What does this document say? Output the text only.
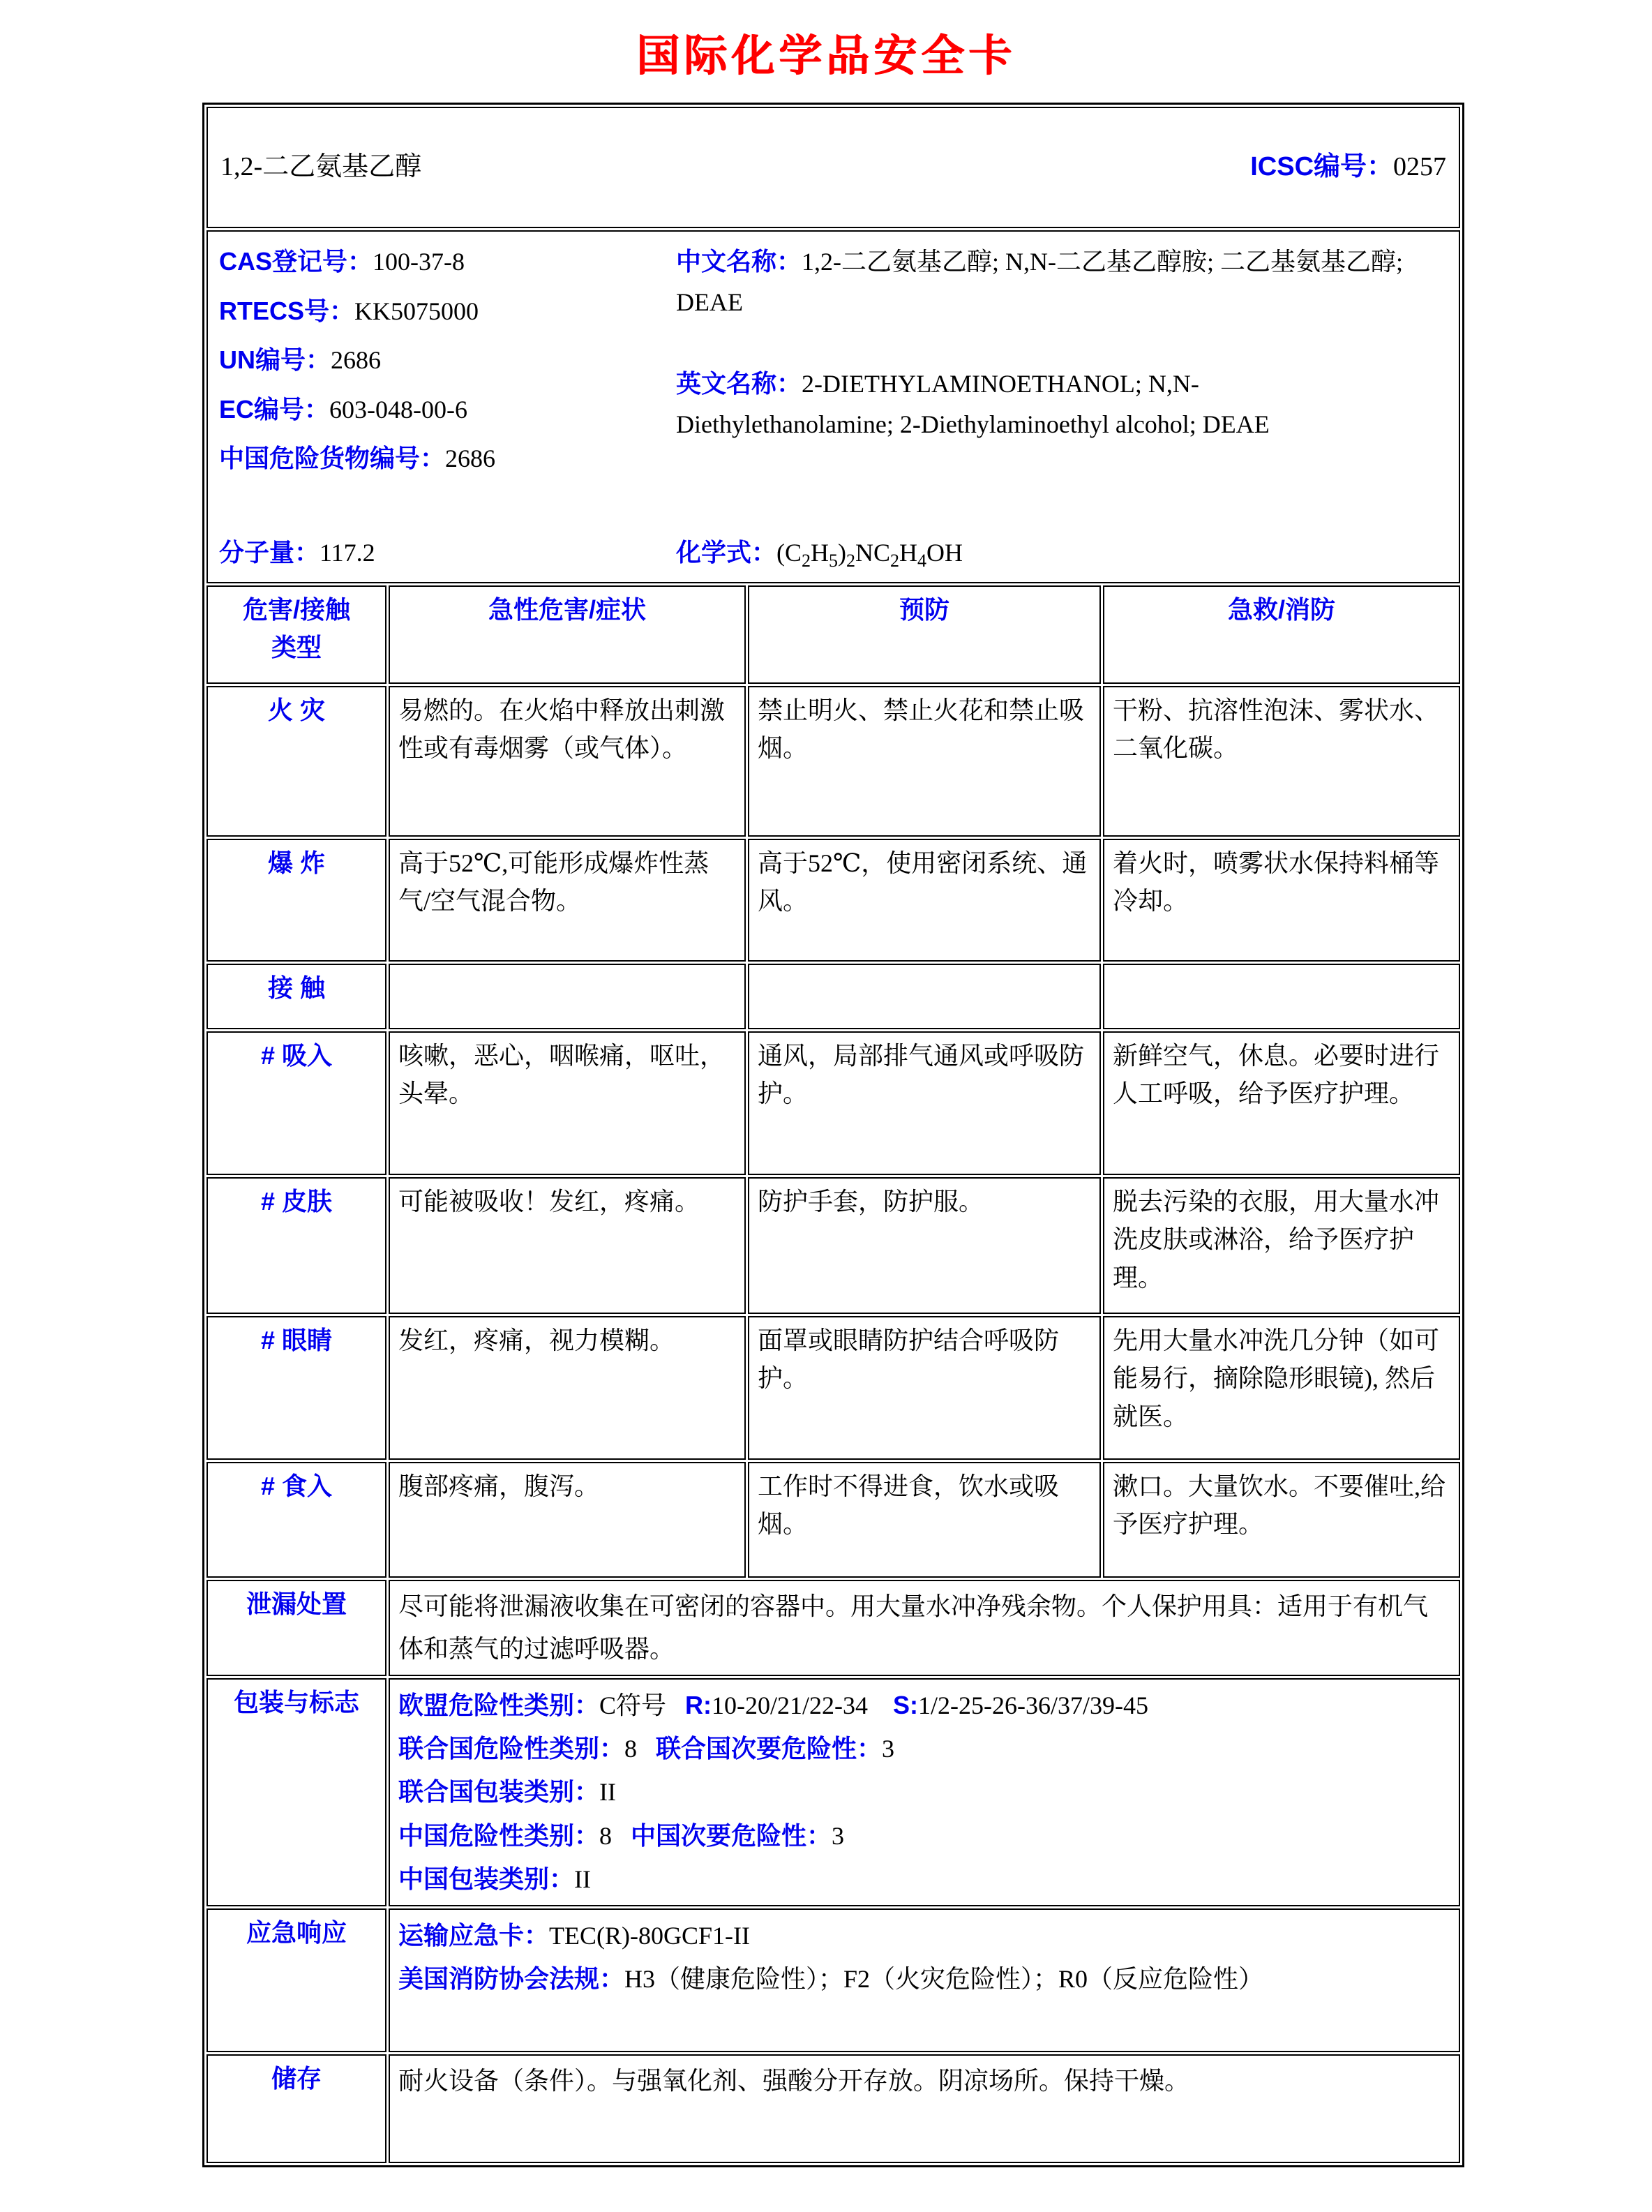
国际化学品安全卡
1,2-二乙氨基乙醇 ICSC编号：0257			

CAS登记号：100-37-8
RTECS号：KK5075000
UN编号：2686
EC编号：603-048-00-6
中国危险货物编号：2686

中文名称：1,2-二乙氨基乙醇; N,N-二乙基乙醇胺; 二乙基氨基乙醇; DEAE

英文名称：2-DIETHYLAMINOETHANOL; N,N-Diethylethanolamine; 2-Diethylaminoethyl alcohol; DEAE

分子量：117.2	化学式：$(C_2H_5)_2NC_2H_4OH$

危害/接触
类型	急性危害/症状	预防	急救/消防
火 灾	易燃的。在火焰中释放出刺激性或有毒烟雾（或气体）。	禁止明火、禁止火花和禁止吸烟。	干粉、抗溶性泡沫、雾状水、二氧化碳。
爆 炸	高于52℃,可能形成爆炸性蒸气/空气混合物。	高于52℃，使用密闭系统、通风。	着火时，喷雾状水保持料桶等冷却。
接 触			
# 吸入	咳嗽，恶心，咽喉痛，呕吐，头晕。	通风，局部排气通风或呼吸防护。	新鲜空气，休息。必要时进行人工呼吸，给予医疗护理。
# 皮肤	可能被吸收！发红，疼痛。	防护手套，防护服。	脱去污染的衣服，用大量水冲洗皮肤或淋浴，给予医疗护理。
# 眼睛	发红，疼痛，视力模糊。	面罩或眼睛防护结合呼吸防护。	先用大量水冲洗几分钟（如可能易行，摘除隐形眼镜), 然后就医。
# 食入	腹部疼痛，腹泻。	工作时不得进食，饮水或吸烟。	漱口。大量饮水。不要催吐,给予医疗护理。
泄漏处置	尽可能将泄漏液收集在可密闭的容器中。用大量水冲净残余物。个人保护用具：适用于有机气体和蒸气的过滤呼吸器。		

包装与标志	欧盟危险性类别：C符号   R:10-20/21/22-34    S:1/2-25-26-36/37/39-45
联合国危险性类别：8   联合国次要危险性：3
联合国包装类别：II
中国危险性类别：8   中国次要危险性：3
中国包装类别：II		

应急响应	运输应急卡：TEC(R)-80GCF1-II
美国消防协会法规：H3（健康危险性）；F2（火灾危险性）；R0（反应危险性）		

储存	耐火设备（条件）。与强氧化剂、强酸分开存放。阴凉场所。保持干燥。		
